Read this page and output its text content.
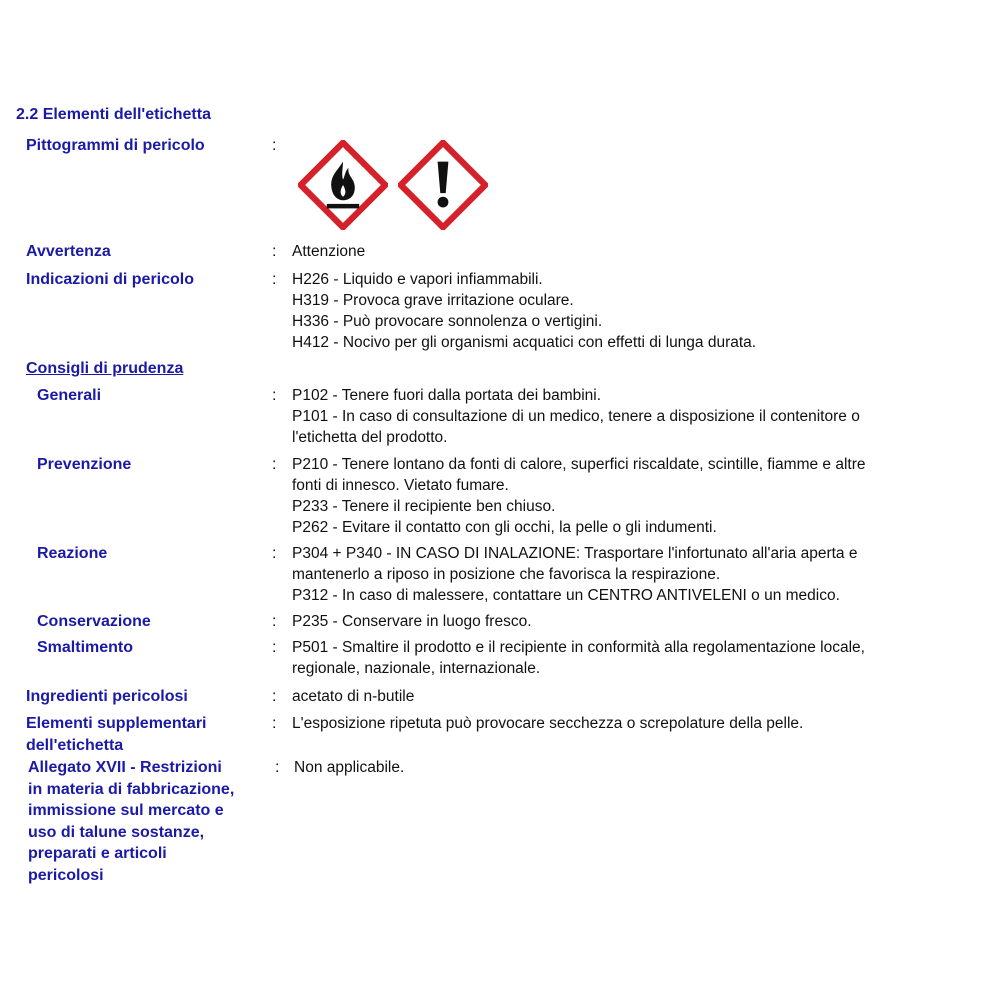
2.2 Elementi dell'etichetta
Pittogrammi di pericolo	:
Avvertenza	: Attenzione
Indicazioni di pericolo	: H226 - Liquido e vapori infiammabili.
H319 - Provoca grave irritazione oculare.
H336 - Può provocare sonnolenza o vertigini.
H412 - Nocivo per gli organismi acquatici con effetti di lunga durata.
Consigli di prudenza
Generali	: P102 - Tenere fuori dalla portata dei bambini.
P101 - In caso di consultazione di un medico, tenere a disposizione il contenitore o
l'etichetta del prodotto.
Prevenzione	: P210 - Tenere lontano da fonti di calore, superfici riscaldate, scintille, fiamme e altre
fonti di innesco. Vietato fumare.
P233 - Tenere il recipiente ben chiuso.
P262 - Evitare il contatto con gli occhi, la pelle o gli indumenti.
Reazione	: P304 + P340 - IN CASO DI INALAZIONE: Trasportare l'infortunato all'aria aperta e
mantenerlo a riposo in posizione che favorisca la respirazione.
P312 - In caso di malessere, contattare un CENTRO ANTIVELENI o un medico.
Conservazione	: P235 - Conservare in luogo fresco.
Smaltimento	: P501 - Smaltire il prodotto e il recipiente in conformità alla regolamentazione locale,
regionale, nazionale, internazionale.
Ingredienti pericolosi	: acetato di n-butile
Elementi supplementari
dell'etichetta
: L'esposizione ripetuta può provocare secchezza o screpolature della pelle.
Allegato XVII - Restrizioni
in materia di fabbricazione,
immissione sul mercato e
uso di talune sostanze,
preparati e articoli
pericolosi
: Non applicabile.
